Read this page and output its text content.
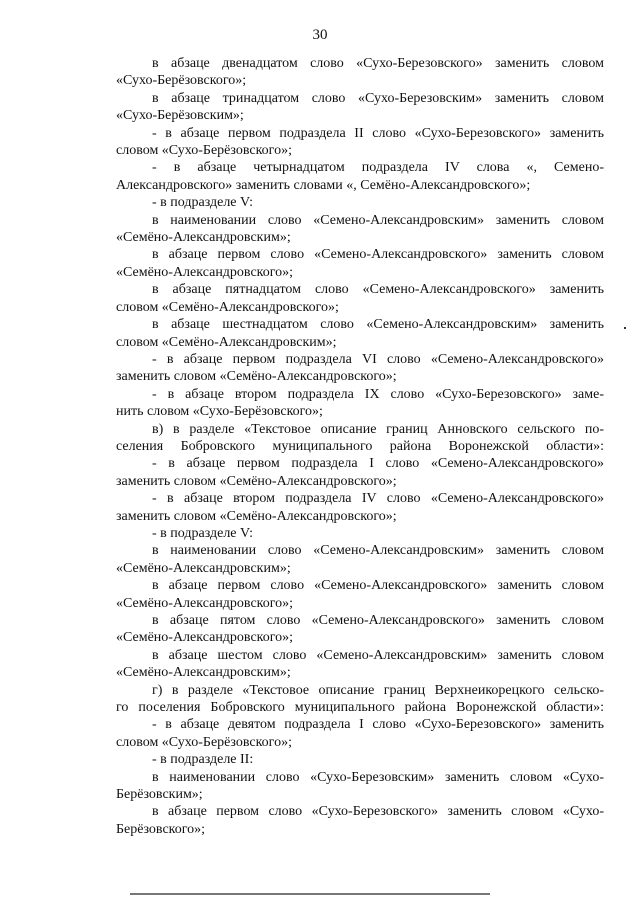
30
в абзаце двенадцатом слово «Сухо-Березовского» заменить словом
«Сухо-Берёзовского»;
в абзаце тринадцатом слово «Сухо-Березовским» заменить словом
«Сухо-Берёзовским»;
- в абзаце первом подраздела II слово «Сухо-Березовского» заменить
словом «Сухо-Берёзовского»;
- в абзаце четырнадцатом подраздела IV слова «, Семено-
Александровского» заменить словами «, Семёно-Александровского»;
- в подразделе V:
в наименовании слово «Семено-Александровским» заменить словом
«Семёно-Александровским»;
в абзаце первом слово «Семено-Александровского» заменить словом
«Семёно-Александровского»;
в абзаце пятнадцатом слово «Семено-Александровского» заменить
словом «Семёно-Александровского»;
в абзаце шестнадцатом слово «Семено-Александровским» заменить
словом «Семёно-Александровским»;
- в абзаце первом подраздела VI слово «Семено-Александровского»
заменить словом «Семёно-Александровского»;
- в абзаце втором подраздела IX слово «Сухо-Березовского» заме-
нить словом «Сухо-Берёзовского»;
в) в разделе «Текстовое описание границ Анновского сельского по-
селения Бобровского муниципального района Воронежской области»:
- в абзаце первом подраздела I слово «Семено-Александровского»
заменить словом «Семёно-Александровского»;
- в абзаце втором подраздела IV слово «Семено-Александровского»
заменить словом «Семёно-Александровского»;
- в подразделе V:
в наименовании слово «Семено-Александровским» заменить словом
«Семёно-Александровским»;
в абзаце первом слово «Семено-Александровского» заменить словом
«Семёно-Александровского»;
в абзаце пятом слово «Семено-Александровского» заменить словом
«Семёно-Александровского»;
в абзаце шестом слово «Семено-Александровским» заменить словом
«Семёно-Александровским»;
г) в разделе «Текстовое описание границ Верхнеикорецкого сельско-
го поселения Бобровского муниципального района Воронежской области»:
- в абзаце девятом подраздела I слово «Сухо-Березовского» заменить
словом «Сухо-Берёзовского»;
- в подразделе II:
в наименовании слово «Сухо-Березовским» заменить словом «Сухо-
Берёзовским»;
в абзаце первом слово «Сухо-Березовского» заменить словом «Сухо-
Берёзовского»;
